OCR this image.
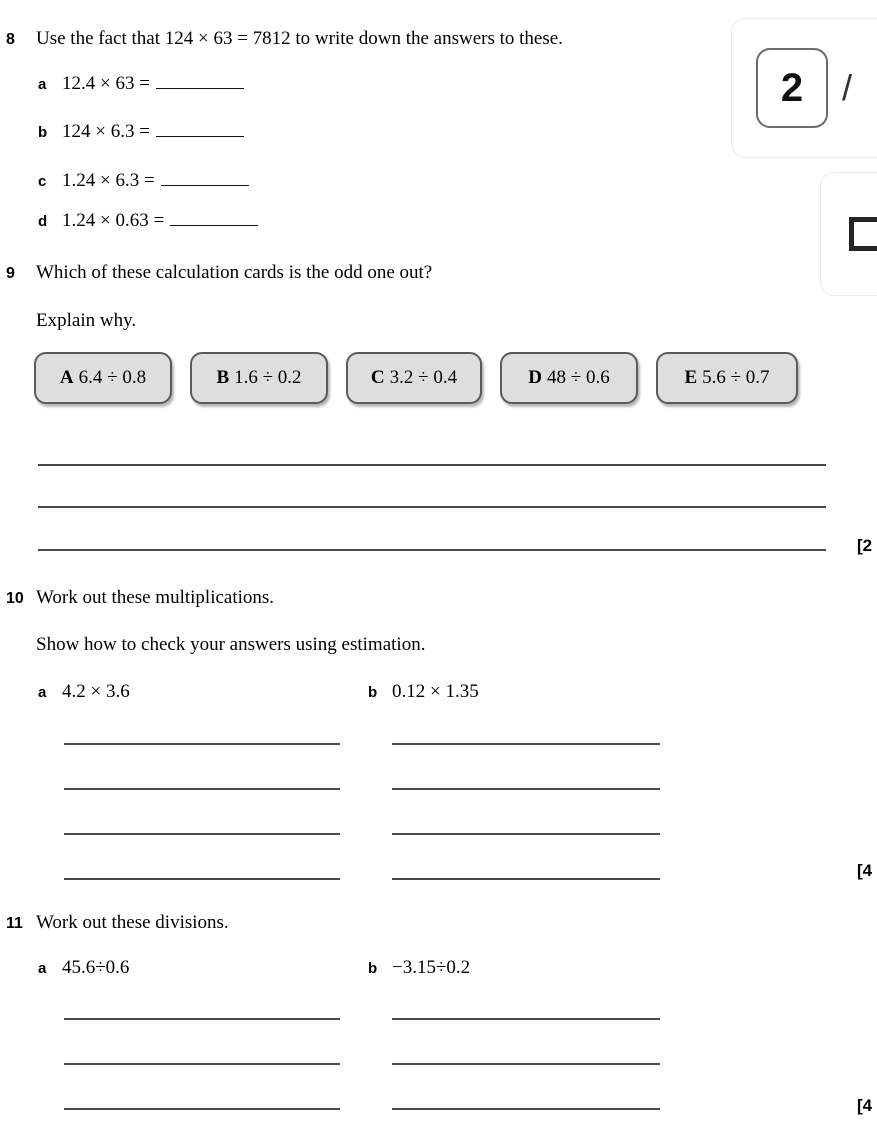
8	Use the fact that 124 × 63 = 7812 to write down the answers to these.
a 12.4 × 63 =
b 124 × 6.3 =
c 1.24 × 6.3 =
d 1.24 × 0.63 =
9	Which of these calculation cards is the odd one out?
Explain why.
A 6.4 ÷ 0.8	B 1.6 ÷ 0.2	C 3.2 ÷ 0.4	D 48 ÷ 0.6	E 5.6 ÷ 0.7
[2
10 Work out these multiplications.
Show how to check your answers using estimation.
a 4.2 × 3.6	b 0.12 × 1.35
[4
11 Work out these divisions.
a 45.6÷0.6	b −3.15÷0.2
[4
2	/
